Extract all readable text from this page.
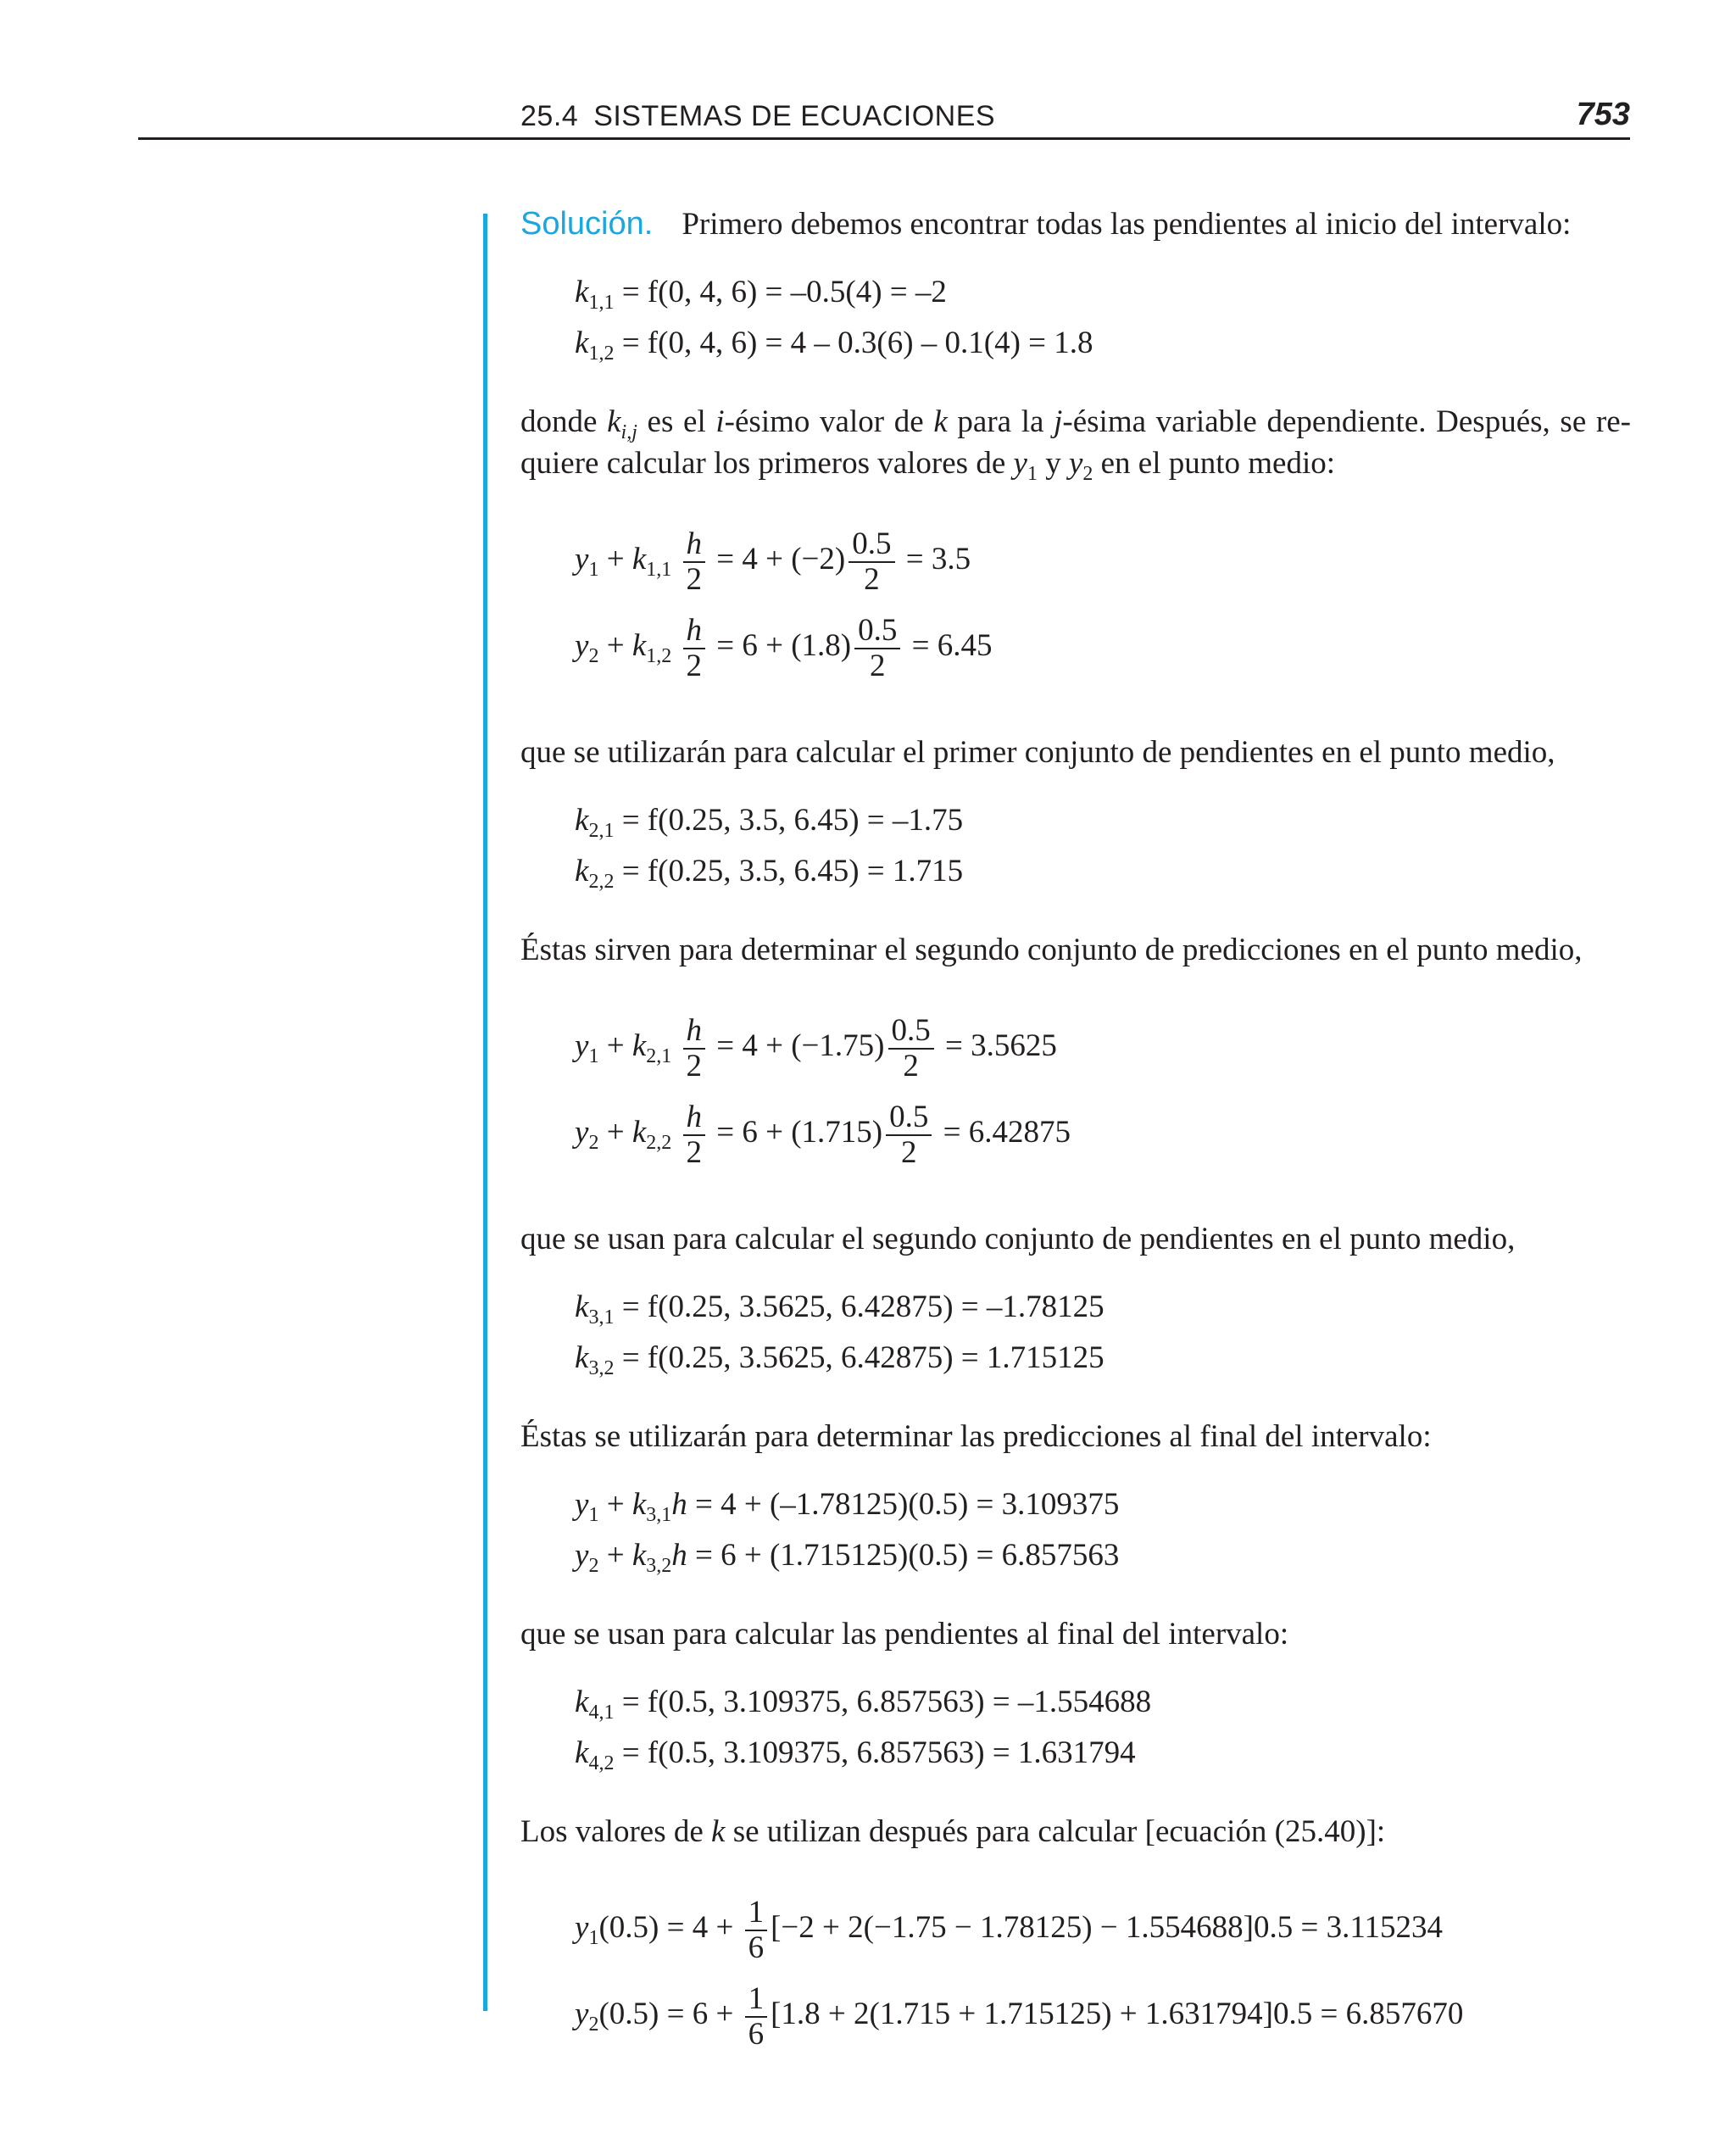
25.4 SISTEMAS DE ECUACIONES	753

Solución. Primero debemos encontrar todas las pendientes al inicio del intervalo:

$k_{1,1} = f(0$, 4, 6) = –0.5(4) = –2
$k_{1,2} = f(0$, 4, 6) = 4 – 0.3(6) – 0.1(4) = 1.8

donde $k_{i,j}$ es el i-ésimo valor de k para la j-ésima variable dependiente. Después, se re-quiere calcular los primeros valores de $y_1$ y $y_2$ en el punto medio:

$y_1 + k_{1,1} \frac{h}{2} = 4 + (-2) \frac{0.5}{2} = 3.5$
$y_2 + k_{1,2} \frac{h}{2} = 6 + (1.8) \frac{0.5}{2} = 6.45$

que se utilizarán para calcular el primer conjunto de pendientes en el punto medio,

$k_{2,1} = f(0.25$, 3.5, 6.45) = –1.75
$k_{2,2} = f(0.25$, 3.5, 6.45) = 1.715

Éstas sirven para determinar el segundo conjunto de predicciones en el punto medio,

$y_1 + k_{2,1} \frac{h}{2} = 4 + (-1.75) \frac{0.5}{2} = 3.5625$
$y_2 + k_{2,2} \frac{h}{2} = 6 + (1.715) \frac{0.5}{2} = 6.42875$

que se usan para calcular el segundo conjunto de pendientes en el punto medio,

$k_{3,1} = f(0.25$, 3.5625, 6.42875) = –1.78125
$k_{3,2} = f(0.25$, 3.5625, 6.42875) = 1.715125

Éstas se utilizarán para determinar las predicciones al final del intervalo:

$y_1 + k_{3,1}h = 4 + (-1.78125)(0.5) = 3.109375$
$y_2 + k_{3,2}h = 6 + (1.715125)(0.5) = 6.857563$

que se usan para calcular las pendientes al final del intervalo:

$k_{4,1} = f(0.5$, 3.109375, 6.857563) = –1.554688
$k_{4,2} = f(0.5$, 3.109375, 6.857563) = 1.631794

Los valores de k se utilizan después para calcular [ecuación (25.40)]:

$y_1(0.5) = 4 + \frac{1}{6} [-2 + 2(-1.75 - 1.78125) - 1.554688]0.5 = 3.115234$
$y_2(0.5) = 6 + \frac{1}{6} [1.8 + 2(1.715 + 1.715125) + 1.631794]0.5 = 6.857670$
